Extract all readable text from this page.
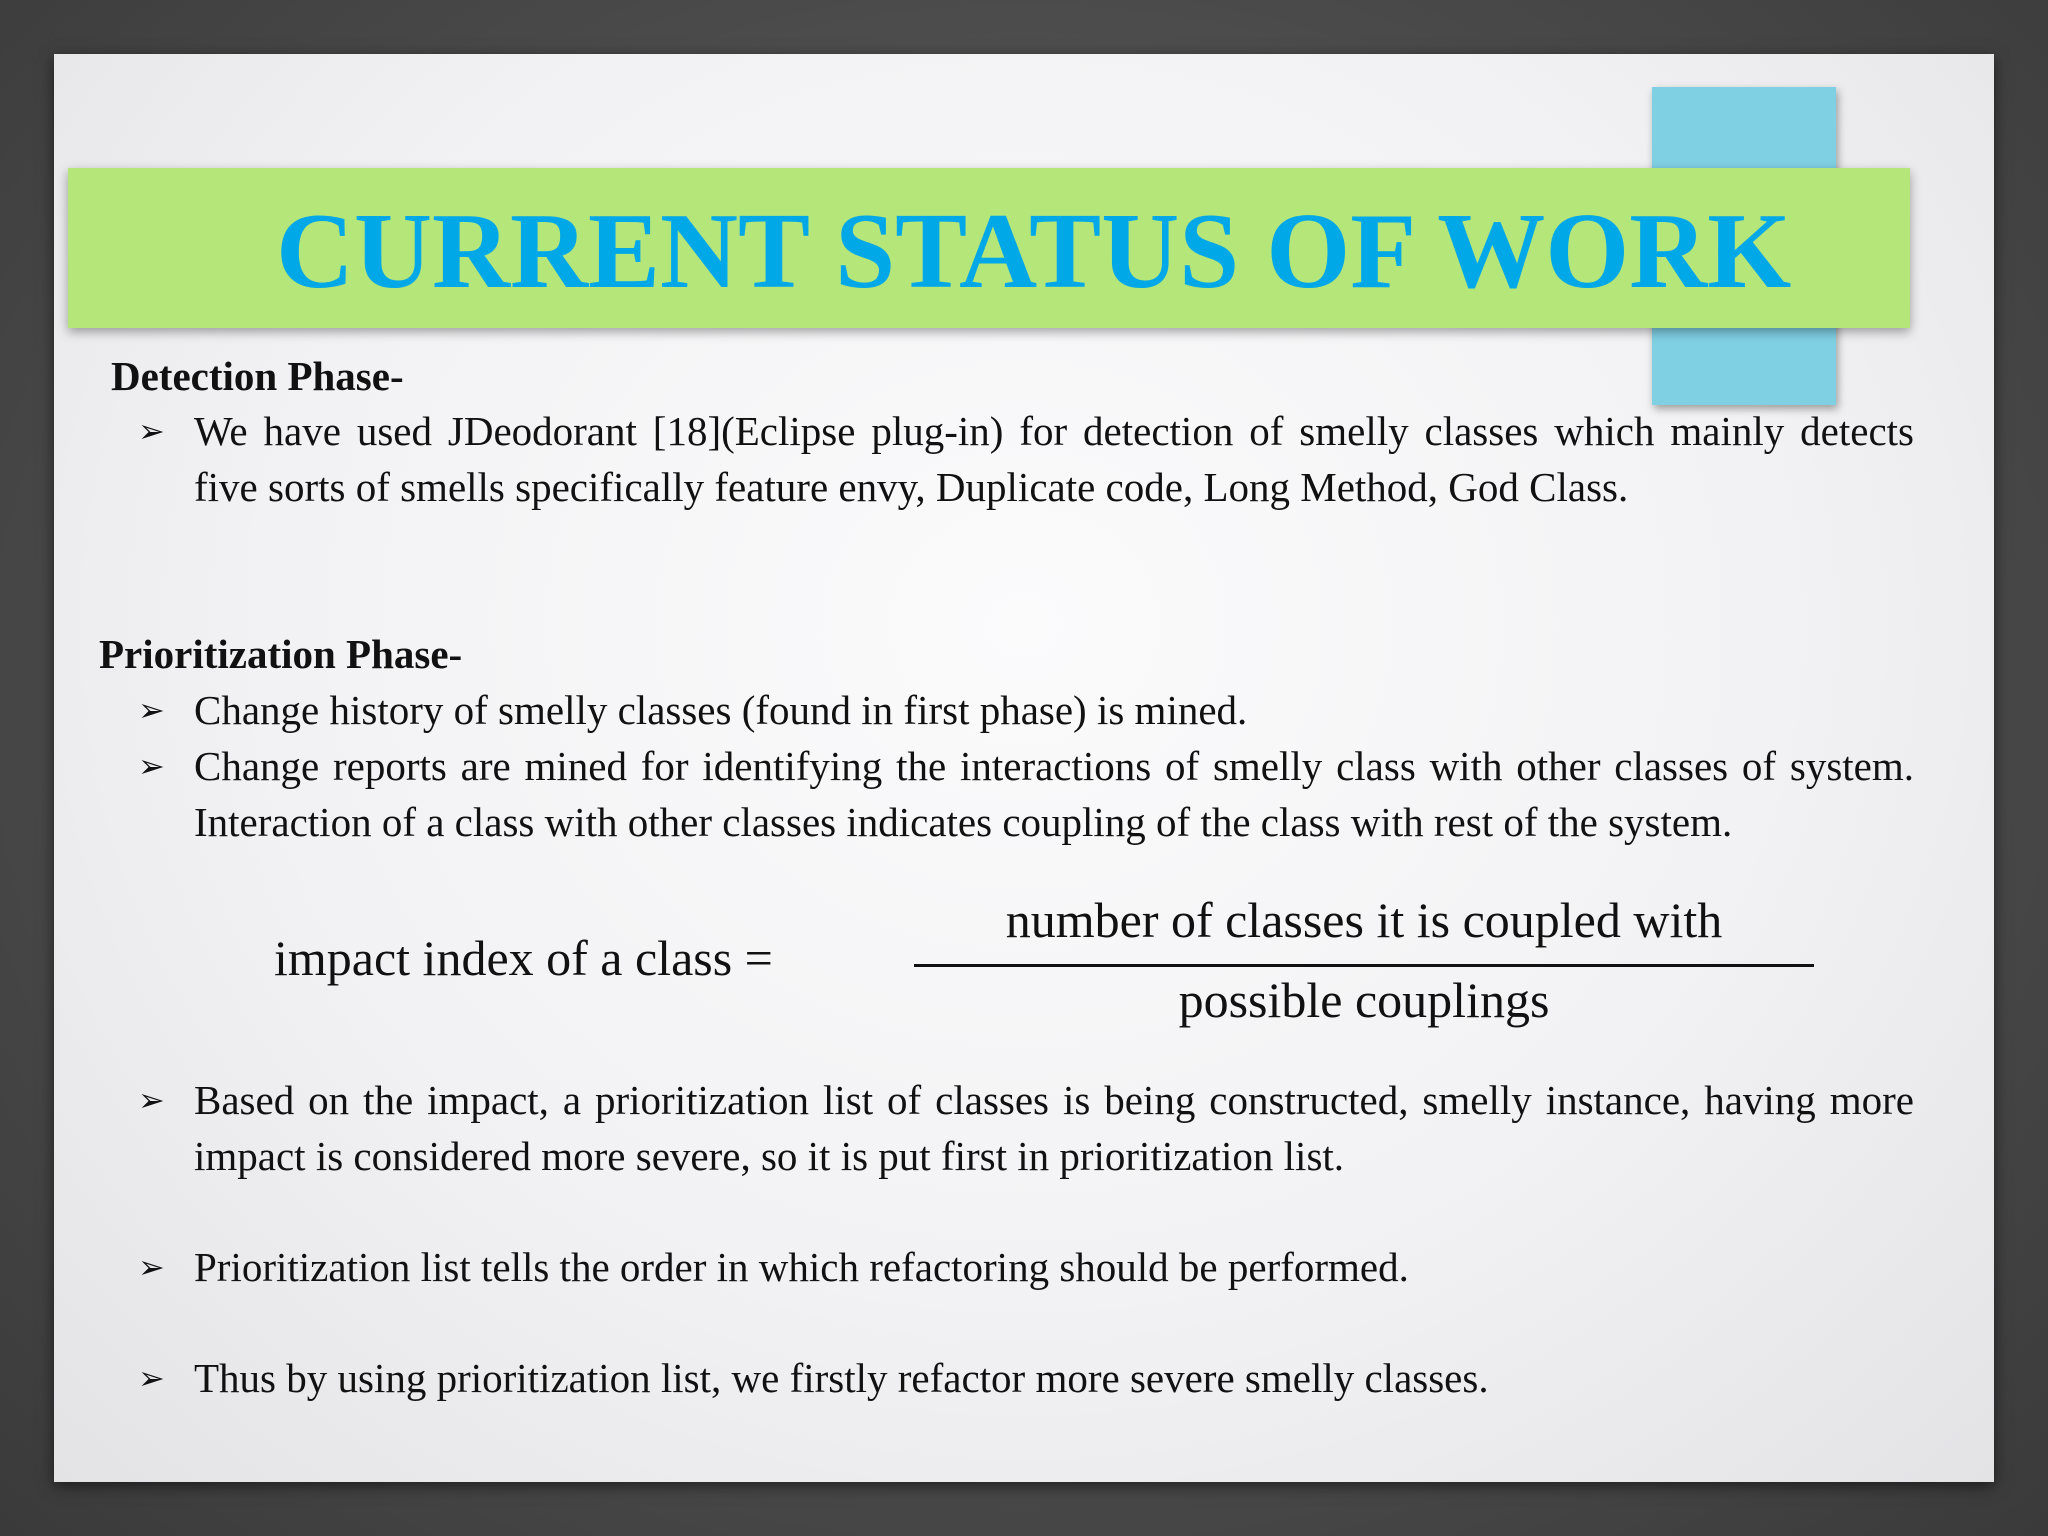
CURRENT STATUS OF WORK
Detection Phase-
➢ We have used JDeodorant [18](Eclipse plug-in) for detection of smelly classes which mainly detects five sorts of smells specifically feature envy, Duplicate code, Long Method, God Class.
Prioritization Phase-
➢ Change history of smelly classes (found in first phase) is mined.
➢ Change reports are mined for identifying the interactions of smelly class with other classes of system. Interaction of a class with other classes indicates coupling of the class with rest of the system.
impact index of a class =
number of classes it is coupled with
possible couplings
➢ Based on the impact, a prioritization list of classes is being constructed, smelly instance, having more impact is considered more severe, so it is put first in prioritization list.
➢ Prioritization list tells the order in which refactoring should be performed.
➢ Thus by using prioritization list, we firstly refactor more severe smelly classes.
